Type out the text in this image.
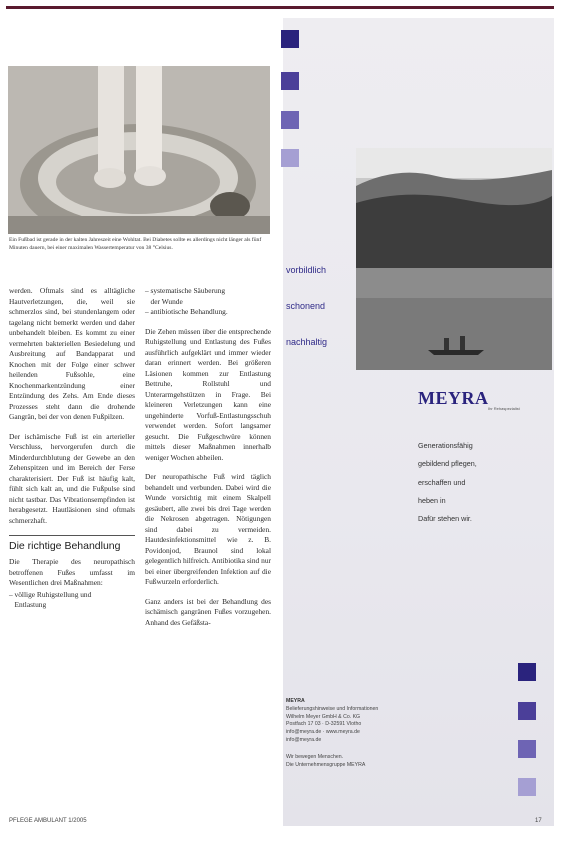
Ein Fußbad ist gerade in der kalten Jahreszeit eine Wohltat. Bei Diabetes sollte es allerdings nicht länger als fünf Minuten dauern, bei einer maximalen Wassertemperatur von 38 °Celsius.

werden. Oftmals sind es alltägliche Hautverletzungen, die, weil sie schmerzlos sind, bei stundenlangem oder tagelang nicht bemerkt werden und daher unbehandelt bleiben. Es kommt zu einer vermehrten bakteriellen Besiedelung und Ausbreitung auf Bandapparat und Knochen mit der Folge einer schwer heilenden Fußsohle, eine Knochenmarkentzündung einer Entzündung des Zehs. Am Ende dieses Prozesses steht dann die drohende Gangrän, bei der von denen Fußpilzen.

Der ischämische Fuß ist ein arterieller Verschluss, hervorgerufen durch die Minderdurchblutung der Gewebe an den Zehenspitzen und im Bereich der Ferse charakterisiert. Der Fuß ist häufig kalt, fühlt sich kalt an, und die Fußpulse sind nicht tastbar. Das Vibrationsempfinden ist herabgesetzt. Hautläsionen sind oftmals schmerzhaft.

Die richtige Behandlung

Die Therapie des neuropathisch betroffenen Fußes umfasst im Wesentlichen drei Maßnahmen:

– völlige Ruhigstellung und
Entlastung
– systematische Säuberung
der Wunde
– antibiotische Behandlung.

Die Zehen müssen über die entsprechende Ruhigstellung und Entlastung des Fußes ausführlich aufgeklärt und immer wieder daran erinnert werden. Bei größeren Läsionen kommen zur Entlastung Bettruhe, Rollstuhl und Unterarmgehstützen in Frage. Bei kleineren Verletzungen kann eine ungehinderte Vorfuß-Entlastungsschuh verwendet werden. Sofort langsamer gesucht. Die Fußgeschwüre können mittels dieser Maßnahmen innerhalb weniger Wochen abheilen.

Der neuropathische Fuß wird täglich behandelt und verbunden. Dabei wird die Wunde vorsichtig mit einem Skalpell gesäubert, alle zwei bis drei Tage werden die Nekrosen abgetragen. Nötigungen sind dabei zu vermeiden. Hautdesinfektionsmittel wie z. B. Povidonjod, Braunol sind lokal gelegentlich hilfreich. Antibiotika sind nur bei einer übergreifenden Infektion auf die Fußwurzeln erforderlich.

Ganz anders ist bei der Behandlung des ischämisch gangränen Fußes vorzugehen. Anhand des Gefäßsta-

vorbildlich
schonend
nachhaltig
MEYRA
Ihr Rehaspezialist
Generationsfähig
gebildend pflegen,
erschaffen und
heben in
Dafür stehen wir.
MEYRA
Belieferungshinweise und Informationen
Wilhelm Meyer GmbH & Co. KG
Postfach 17 03 · D-32591 Vlotho
info@meyra.de · www.meyra.de
info@meyra.de
Wir bewegen Menschen.
Die Unternehmensgruppe MEYRA
PFLEGE AMBULANT 1/2005	17
